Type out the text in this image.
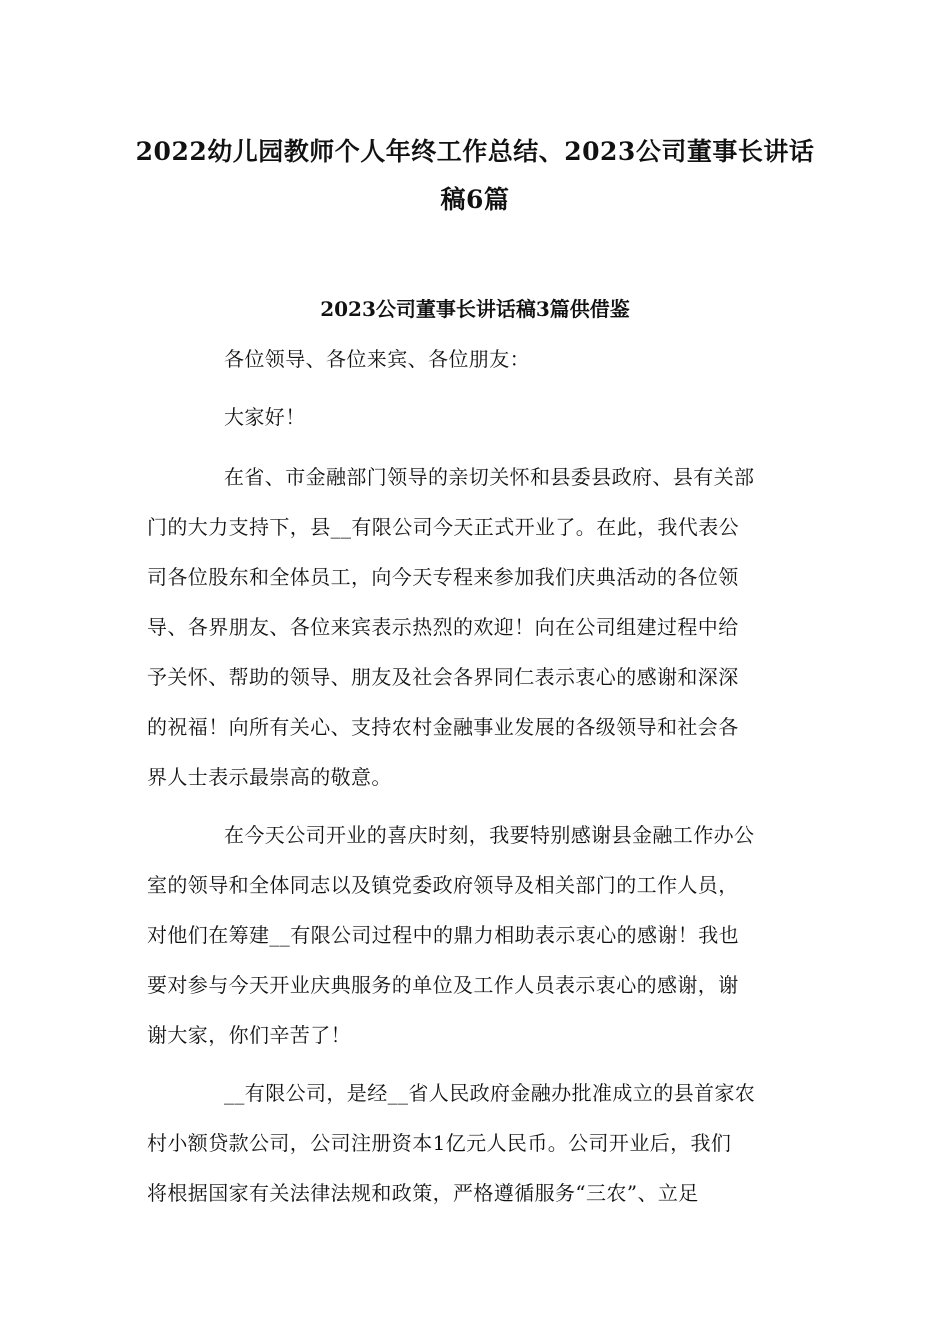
2022幼儿园教师个人年终工作总结、2023公司董事长讲话
稿6篇
2023公司董事长讲话稿3篇供借鉴
各位领导、各位来宾、各位朋友：
大家好！
在省、市金融部门领导的亲切关怀和县委县政府、县有关部
门的大力支持下，县__有限公司今天正式开业了。在此，我代表公
司各位股东和全体员工，向今天专程来参加我们庆典活动的各位领
导、各界朋友、各位来宾表示热烈的欢迎！向在公司组建过程中给
予关怀、帮助的领导、朋友及社会各界同仁表示衷心的感谢和深深
的祝福！向所有关心、支持农村金融事业发展的各级领导和社会各
界人士表示最崇高的敬意。
在今天公司开业的喜庆时刻，我要特别感谢县金融工作办公
室的领导和全体同志以及镇党委政府领导及相关部门的工作人员，
对他们在筹建__有限公司过程中的鼎力相助表示衷心的感谢！我也
要对参与今天开业庆典服务的单位及工作人员表示衷心的感谢，谢
谢大家，你们辛苦了！
__有限公司，是经__省人民政府金融办批准成立的县首家农
村小额贷款公司，公司注册资本1亿元人民币。公司开业后，我们
将根据国家有关法律法规和政策，严格遵循服务“三农”、立足
